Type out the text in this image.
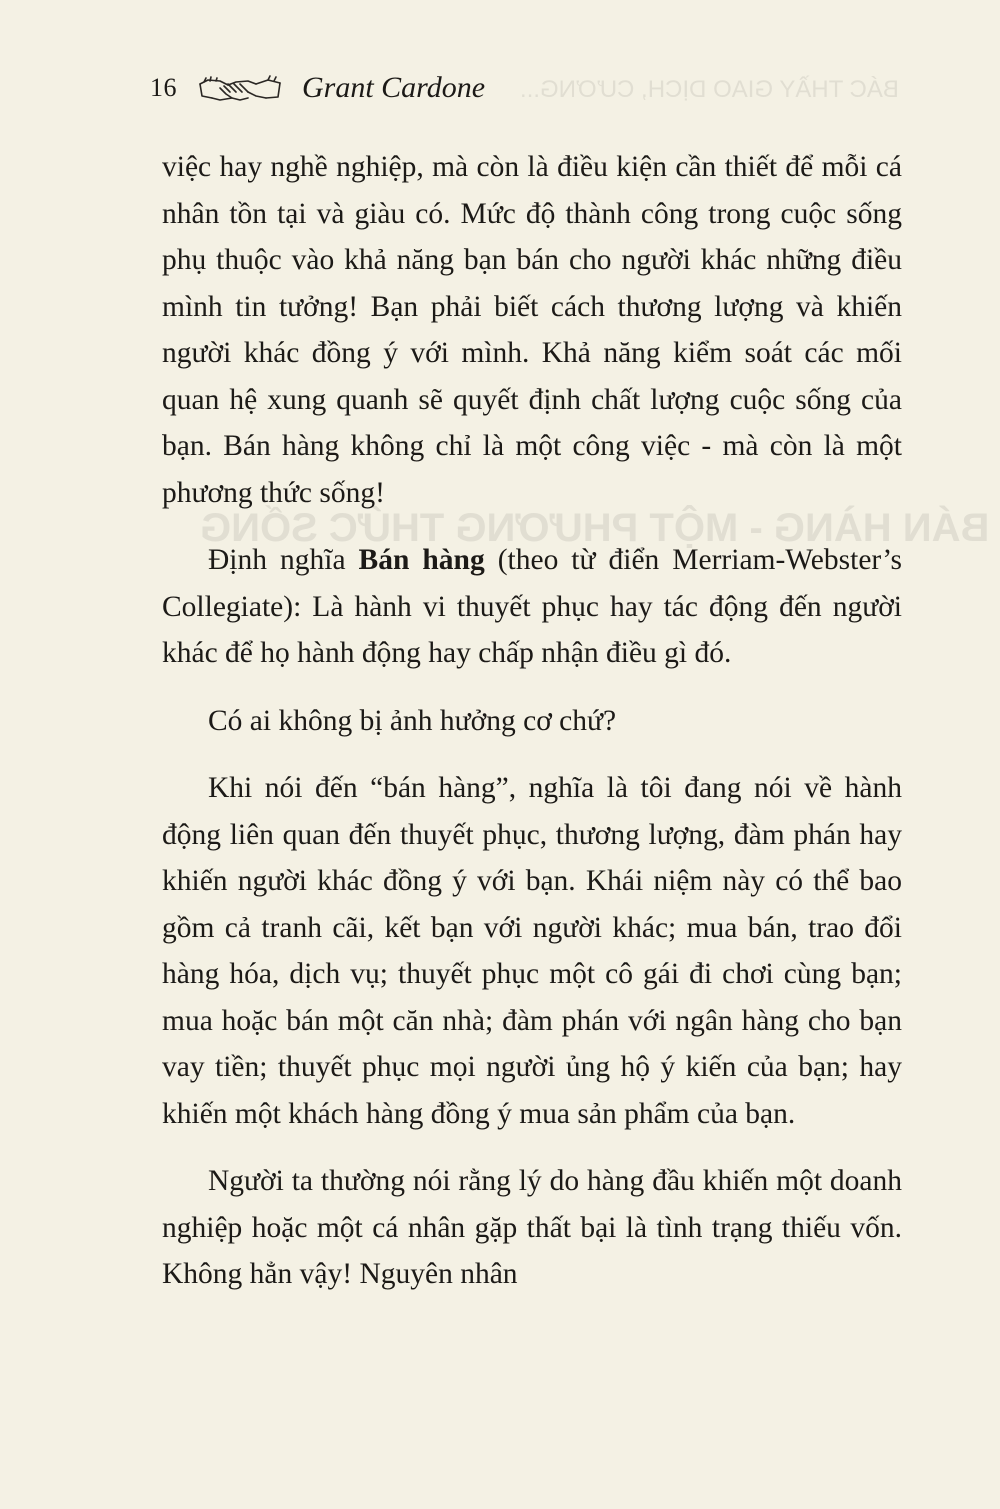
BÁC THẦY GIAO DỊCH, CƯƠNG...
BÁN HÀNG - MỘT PHƯƠNG THỨC SỐNG
16	Grant Cardone

việc hay nghề nghiệp, mà còn là điều kiện cần thiết để mỗi cá nhân tồn tại và giàu có. Mức độ thành công trong cuộc sống phụ thuộc vào khả năng bạn bán cho người khác những điều mình tin tưởng! Bạn phải biết cách thương lượng và khiến người khác đồng ý với mình. Khả năng kiểm soát các mối quan hệ xung quanh sẽ quyết định chất lượng cuộc sống của bạn. Bán hàng không chỉ là một công việc - mà còn là một phương thức sống!

Định nghĩa Bán hàng (theo từ điển Merriam-Webster’s Collegiate): Là hành vi thuyết phục hay tác động đến người khác để họ hành động hay chấp nhận điều gì đó.

Có ai không bị ảnh hưởng cơ chứ?

Khi nói đến “bán hàng”, nghĩa là tôi đang nói về hành động liên quan đến thuyết phục, thương lượng, đàm phán hay khiến người khác đồng ý với bạn. Khái niệm này có thể bao gồm cả tranh cãi, kết bạn với người khác; mua bán, trao đổi hàng hóa, dịch vụ; thuyết phục một cô gái đi chơi cùng bạn; mua hoặc bán một căn nhà; đàm phán với ngân hàng cho bạn vay tiền; thuyết phục mọi người ủng hộ ý kiến của bạn; hay khiến một khách hàng đồng ý mua sản phẩm của bạn.

Người ta thường nói rằng lý do hàng đầu khiến một doanh nghiệp hoặc một cá nhân gặp thất bại là tình trạng thiếu vốn. Không hẳn vậy! Nguyên nhân
